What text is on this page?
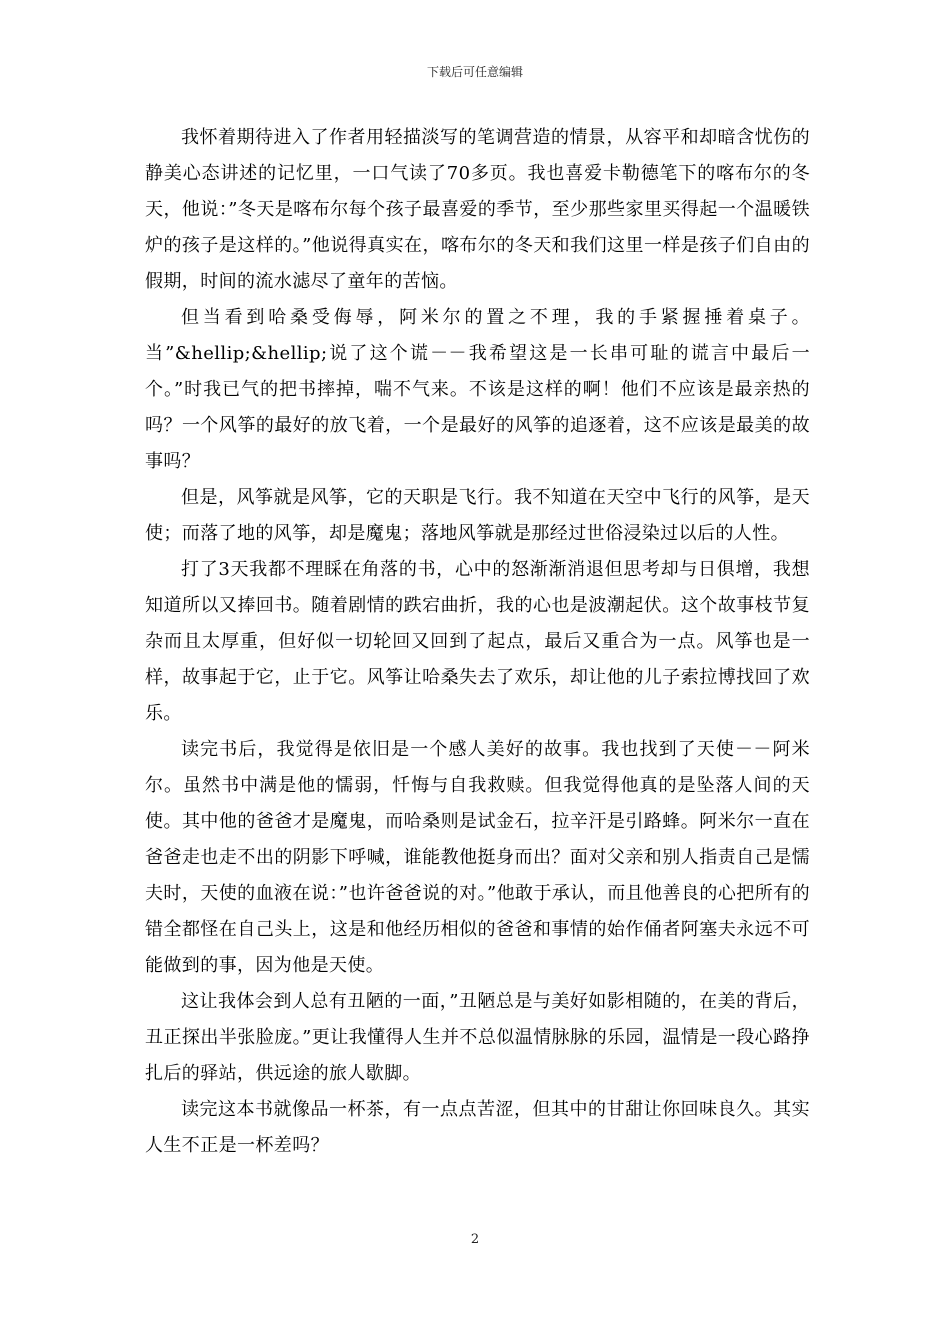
下载后可任意编辑

我怀着期待进入了作者用轻描淡写的笔调营造的情景，从容平和却暗含忧伤的静美心态讲述的记忆里，一口气读了70多页。我也喜爱卡勒德笔下的喀布尔的冬天，他说：”冬天是喀布尔每个孩子最喜爱的季节，至少那些家里买得起一个温暖铁炉的孩子是这样的。”他说得真实在，喀布尔的冬天和我们这里一样是孩子们自由的假期，时间的流水滤尽了童年的苦恼。

但当看到哈桑受侮辱，阿米尔的置之不理，我的手紧握捶着桌子。当”&hellip;&hellip;说了这个谎－－我希望这是一长串可耻的谎言中最后一个。”时我已气的把书摔掉，喘不气来。不该是这样的啊！他们不应该是最亲热的吗？一个风筝的最好的放飞着，一个是最好的风筝的追逐着，这不应该是最美的故事吗？

但是，风筝就是风筝，它的天职是飞行。我不知道在天空中飞行的风筝，是天使；而落了地的风筝，却是魔鬼；落地风筝就是那经过世俗浸染过以后的人性。

打了3天我都不理睬在角落的书，心中的怒渐渐消退但思考却与日俱增，我想知道所以又捧回书。随着剧情的跌宕曲折，我的心也是波潮起伏。这个故事枝节复杂而且太厚重，但好似一切轮回又回到了起点，最后又重合为一点。风筝也是一样，故事起于它，止于它。风筝让哈桑失去了欢乐，却让他的儿子索拉博找回了欢乐。

读完书后，我觉得是依旧是一个感人美好的故事。我也找到了天使－－阿米尔。虽然书中满是他的懦弱，忏悔与自我救赎。但我觉得他真的是坠落人间的天使。其中他的爸爸才是魔鬼，而哈桑则是试金石，拉辛汗是引路蜂。阿米尔一直在爸爸走也走不出的阴影下呼喊，谁能教他挺身而出？面对父亲和别人指责自己是懦夫时，天使的血液在说：”也许爸爸说的对。”他敢于承认，而且他善良的心把所有的错全都怪在自己头上，这是和他经历相似的爸爸和事情的始作俑者阿塞夫永远不可能做到的事，因为他是天使。

这让我体会到人总有丑陋的一面，”丑陋总是与美好如影相随的，在美的背后，丑正探出半张脸庞。”更让我懂得人生并不总似温情脉脉的乐园，温情是一段心路挣扎后的驿站，供远途的旅人歇脚。

读完这本书就像品一杯茶，有一点点苦涩，但其中的甘甜让你回味良久。其实人生不正是一杯差吗？

2
